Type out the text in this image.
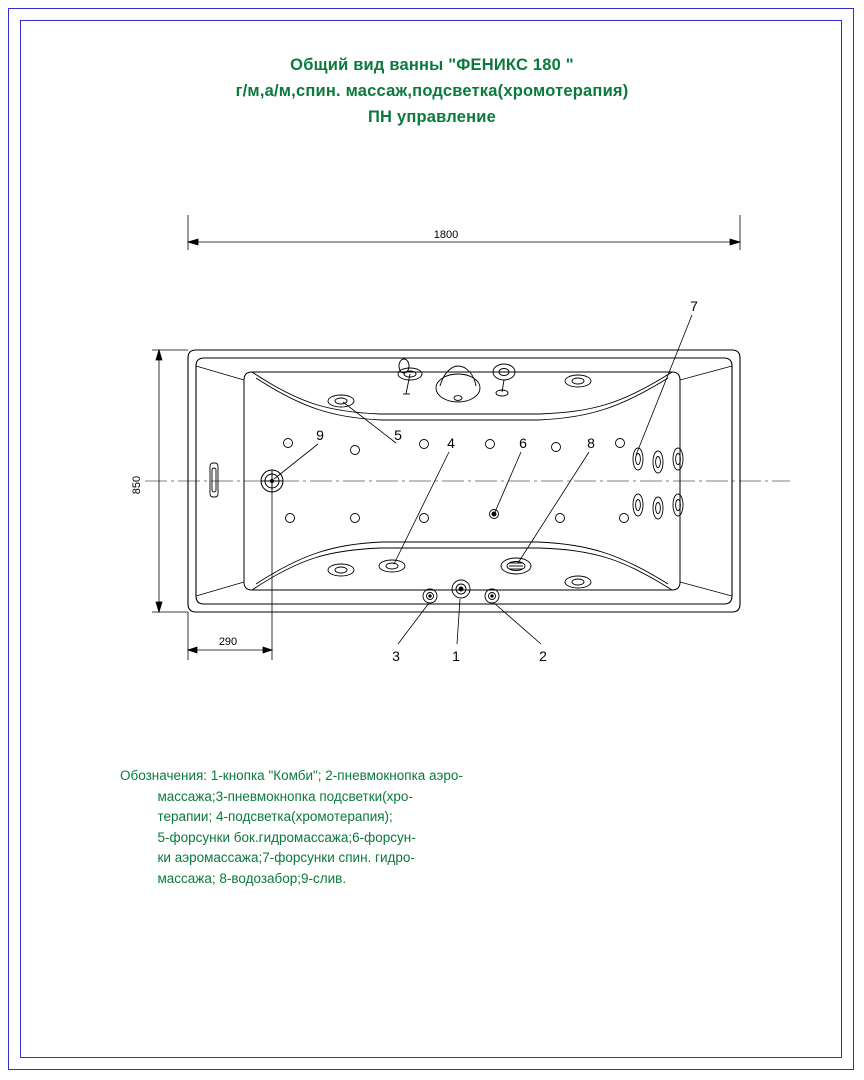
Общий вид ванны "ФЕНИКС 180 "
г/м,а/м,спин. массаж,подсветка(хромотерапия)
ПН управление
1800
850
290
9	5	4	6	8
7
3	1	2
Обозначения: 1-кнопка "Комби"; 2-пневмокнопка аэро-
массажа;3-пневмокнопка подсветки(хро-
терапии; 4-подсветка(хромотерапия);
5-форсунки бок.гидромассажа;6-форсун-
ки аэромассажа;7-форсунки спин. гидро-
массажа; 8-водозабор;9-слив.
